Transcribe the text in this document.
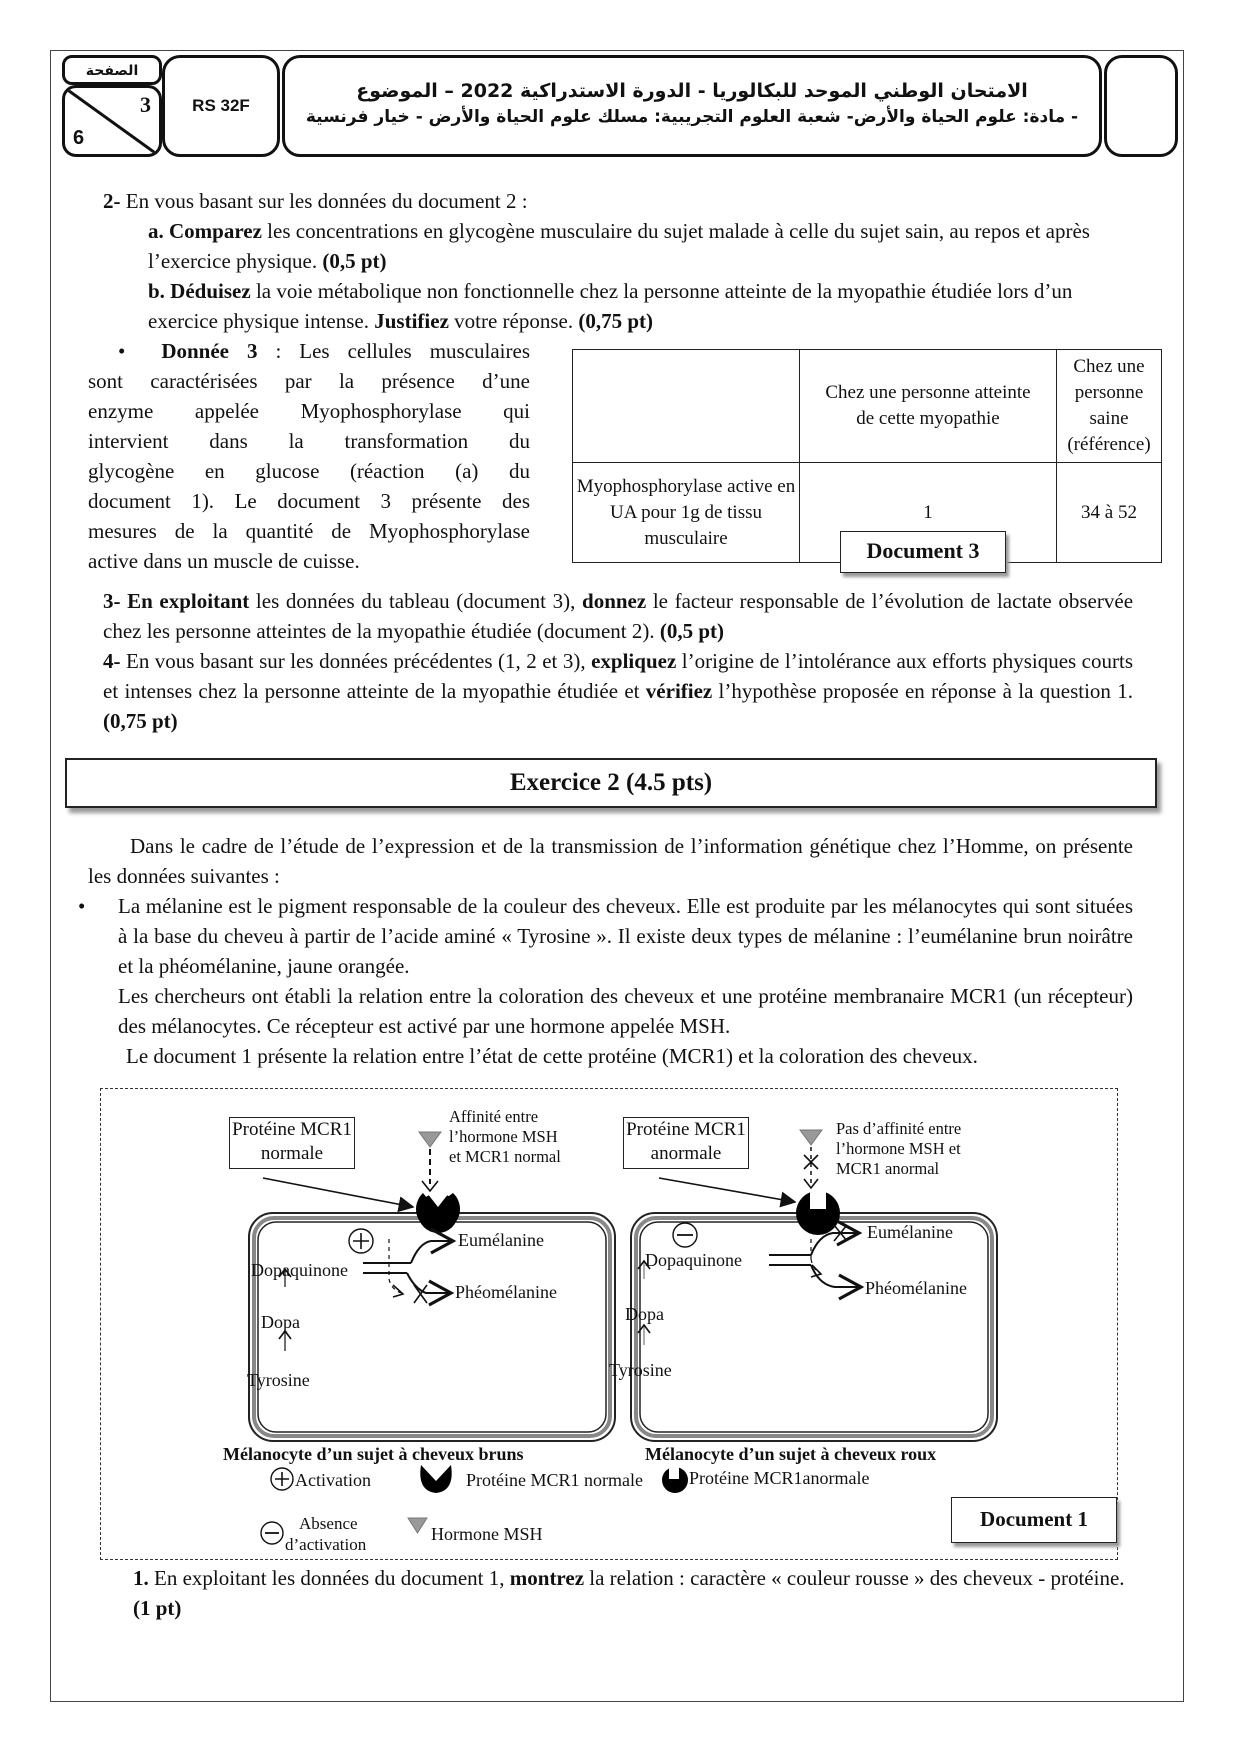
الصفحة
3
6
RS 32F
الامتحان الوطني الموحد للبكالوريا - الدورة الاستدراكية 2022 – الموضوع
- مادة: علوم الحياة والأرض- شعبة العلوم التجريبية: مسلك علوم الحياة والأرض - خيار فرنسية
2- En vous basant sur les données du document 2 :
a. Comparez les concentrations en glycogène musculaire du sujet malade à celle du sujet sain, au repos et après l’exercice physique. (0,5 pt)
b. Déduisez la voie métabolique non fonctionnelle chez la personne atteinte de la myopathie étudiée lors d’un exercice physique intense. Justifiez votre réponse. (0,75 pt)
• Donnée 3 : Les cellules musculaires
sont caractérisées par la présence d’une
enzyme appelée Myophosphorylase qui
intervient dans la transformation du
glycogène en glucose (réaction (a) du
document 1). Le document 3 présente des
mesures de la quantité de Myophosphorylase
active dans un muscle de cuisse.
	Chez une personne atteinte de cette myopathie	Chez une personne saine (référence)
Myophosphorylase active en UA pour 1g de tissu musculaire	1	34 à 52
Document 3
3- En exploitant les données du tableau (document 3), donnez le facteur responsable de l’évolution de lactate observée chez les personne atteintes de la myopathie étudiée (document 2). (0,5 pt)
4- En vous basant sur les données précédentes (1, 2 et 3), expliquez l’origine de l’intolérance aux efforts physiques courts et intenses chez la personne atteinte de la myopathie étudiée et vérifiez l’hypothèse proposée en réponse à la question 1. (0,75 pt)
Exercice 2 (4.5 pts)
Dans le cadre de l’étude de l’expression et de la transmission de l’information génétique chez l’Homme, on présente les données suivantes :
•	La mélanine est le pigment responsable de la couleur des cheveux. Elle est produite par les mélanocytes qui sont situées à la base du cheveu à partir de l’acide aminé « Tyrosine ». Il existe deux types de mélanine : l’eumélanine brun noirâtre et la phéomélanine, jaune orangée.
Les chercheurs ont établi la relation entre la coloration des cheveux et une protéine membranaire MCR1 (un récepteur) des mélanocytes. Ce récepteur est activé par une hormone appelée MSH.
Le document 1 présente la relation entre l’état de cette protéine (MCR1) et la coloration des cheveux.
Protéine MCR1
normale
Affinité entre
l’hormone MSH
et MCR1 normal
Dopaquinone
Dopa
Tyrosine
Eumélanine
Phéomélanine
Mélanocyte d’un sujet à cheveux bruns
Protéine MCR1
anormale
Pas d’affinité entre
l’hormone MSH et
MCR1 anormal
Dopaquinone
Dopa
Tyrosine
Eumélanine
Phéomélanine
Mélanocyte d’un sujet à cheveux roux
Activation	Protéine MCR1 normale	Protéine MCR1anormale
Absence
d’activation
Hormone MSH
Document 1
1. En exploitant les données du document 1, montrez la relation : caractère « couleur rousse » des cheveux - protéine. (1 pt)
